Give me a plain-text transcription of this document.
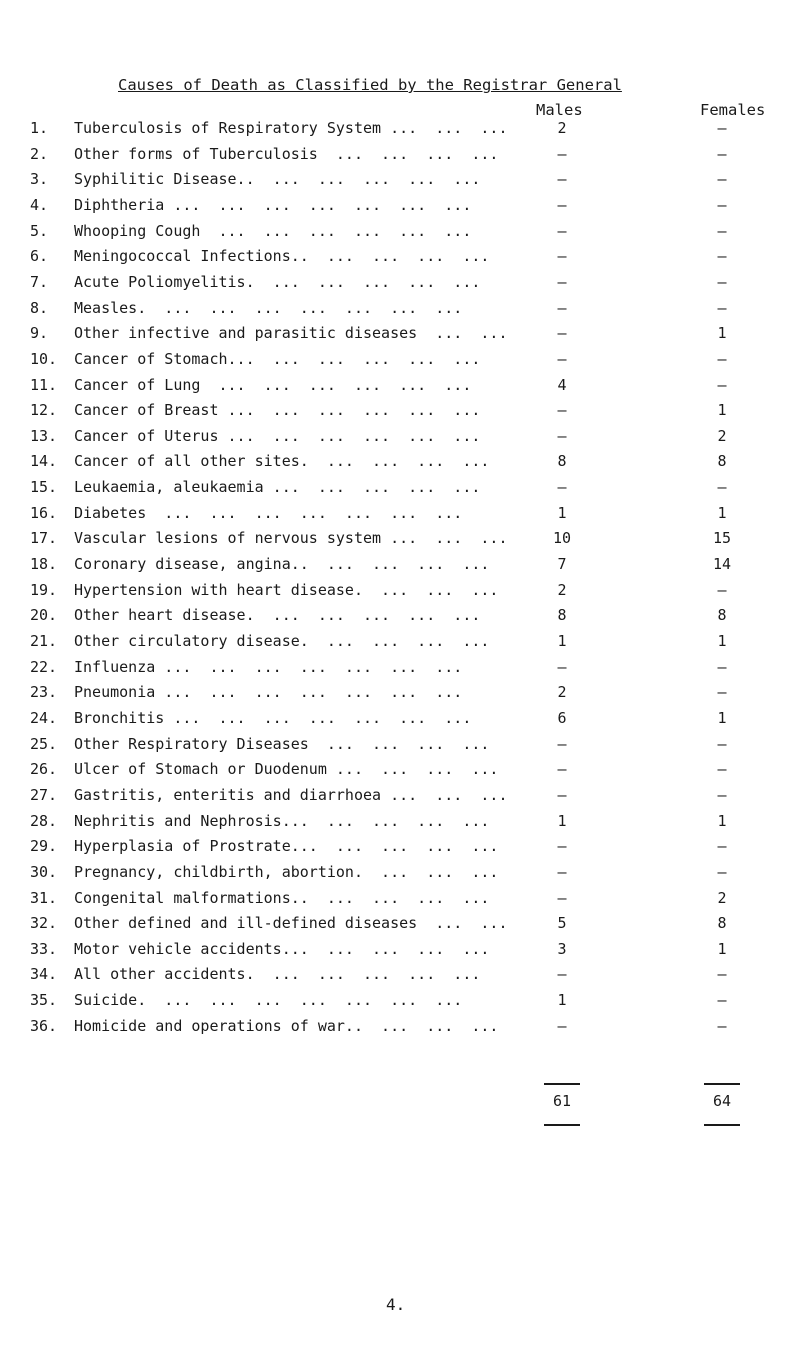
Causes of Death as Classified by the Registrar General
Males	Females
1.	Tuberculosis of Respiratory System ...  ...  ...	2	–
2.	Other forms of Tuberculosis  ...  ...  ...  ...	–	–
3.	Syphilitic Disease..  ...  ...  ...  ...  ...	–	–
4.	Diphtheria ...  ...  ...  ...  ...  ...  ...	–	–
5.	Whooping Cough  ...  ...  ...  ...  ...  ...	–	–
6.	Meningococcal Infections..  ...  ...  ...  ...	–	–
7.	Acute Poliomyelitis.  ...  ...  ...  ...  ...	–	–
8.	Measles.  ...  ...  ...  ...  ...  ...  ...	–	–
9.	Other infective and parasitic diseases  ...  ...	–	1
10.	Cancer of Stomach...  ...  ...  ...  ...  ...	–	–
11.	Cancer of Lung  ...  ...  ...  ...  ...  ...	4	–
12.	Cancer of Breast ...  ...  ...  ...  ...  ...	–	1
13.	Cancer of Uterus ...  ...  ...  ...  ...  ...	–	2
14.	Cancer of all other sites.  ...  ...  ...  ...	8	8
15.	Leukaemia, aleukaemia ...  ...  ...  ...  ...	–	–
16.	Diabetes  ...  ...  ...  ...  ...  ...  ...	1	1
17.	Vascular lesions of nervous system ...  ...  ...	10	15
18.	Coronary disease, angina..  ...  ...  ...  ...	7	14
19.	Hypertension with heart disease.  ...  ...  ...	2	–
20.	Other heart disease.  ...  ...  ...  ...  ...	8	8
21.	Other circulatory disease.  ...  ...  ...  ...	1	1
22.	Influenza ...  ...  ...  ...  ...  ...  ...	–	–
23.	Pneumonia ...  ...  ...  ...  ...  ...  ...	2	–
24.	Bronchitis ...  ...  ...  ...  ...  ...  ...	6	1
25.	Other Respiratory Diseases  ...  ...  ...  ...	–	–
26.	Ulcer of Stomach or Duodenum ...  ...  ...  ...	–	–
27.	Gastritis, enteritis and diarrhoea ...  ...  ...	–	–
28.	Nephritis and Nephrosis...  ...  ...  ...  ...	1	1
29.	Hyperplasia of Prostrate...  ...  ...  ...  ...	–	–
30.	Pregnancy, childbirth, abortion.  ...  ...  ...	–	–
31.	Congenital malformations..  ...  ...  ...  ...	–	2
32.	Other defined and ill-defined diseases  ...  ...	5	8
33.	Motor vehicle accidents...  ...  ...  ...  ...	3	1
34.	All other accidents.  ...  ...  ...  ...  ...	–	–
35.	Suicide.  ...  ...  ...  ...  ...  ...  ...	1	–
36.	Homicide and operations of war..  ...  ...  ...	–	–
61	64
4.
